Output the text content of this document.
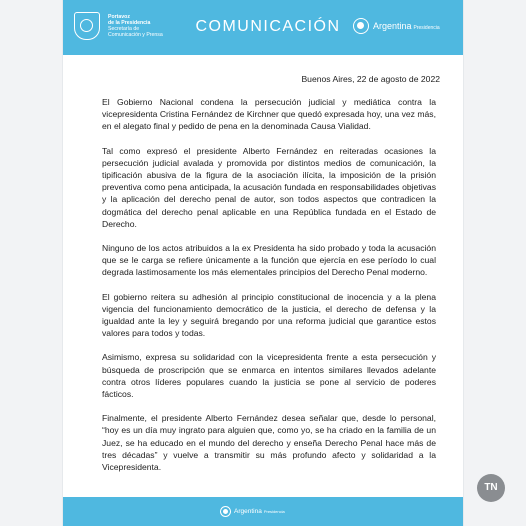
Portavoz
de la Presidencia
Secretaría de
Comunicación y Prensa COMUNICACIÓN	Argentina Presidencia
Buenos Aires, 22 de agosto de 2022

El Gobierno Nacional condena la persecución judicial y mediática contra la vicepresidenta Cristina Fernández de Kirchner que quedó expresada hoy, una vez más, en el alegato final y pedido de pena en la denominada Causa Vialidad.

Tal como expresó el presidente Alberto Fernández en reiteradas ocasiones la persecución judicial avalada y promovida por distintos medios de comunicación, la tipificación abusiva de la figura de la asociación ilícita, la imposición de la prisión preventiva como pena anticipada, la acusación fundada en responsabilidades objetivas y la aplicación del derecho penal de autor, son todos aspectos que contradicen la dogmática del derecho penal aplicable en una República fundada en el Estado de Derecho.

Ninguno de los actos atribuidos a la ex Presidenta ha sido probado y toda la acusación que se le carga se refiere únicamente a la función que ejercía en ese período lo cual degrada lastimosamente los más elementales principios del Derecho Penal moderno.

El gobierno reitera su adhesión al principio constitucional de inocencia y a la plena vigencia del funcionamiento democrático de la justicia, el derecho de defensa y la igualdad ante la ley y seguirá bregando por una reforma judicial que garantice estos valores para todos y todas.

Asimismo, expresa su solidaridad con la vicepresidenta frente a esta persecución y búsqueda de proscripción que se enmarca en intentos similares llevados adelante contra otros líderes populares cuando la justicia se pone al servicio de poderes fácticos.

Finalmente, el presidente Alberto Fernández desea señalar que, desde lo personal, “hoy es un día muy ingrato para alguien que, como yo, se ha criado en la familia de un Juez, se ha educado en el mundo del derecho y enseña Derecho Penal hace más de tres décadas” y vuelve a transmitir su más profundo afecto y solidaridad a la Vicepresidenta.

Argentina Presidencia
TN
